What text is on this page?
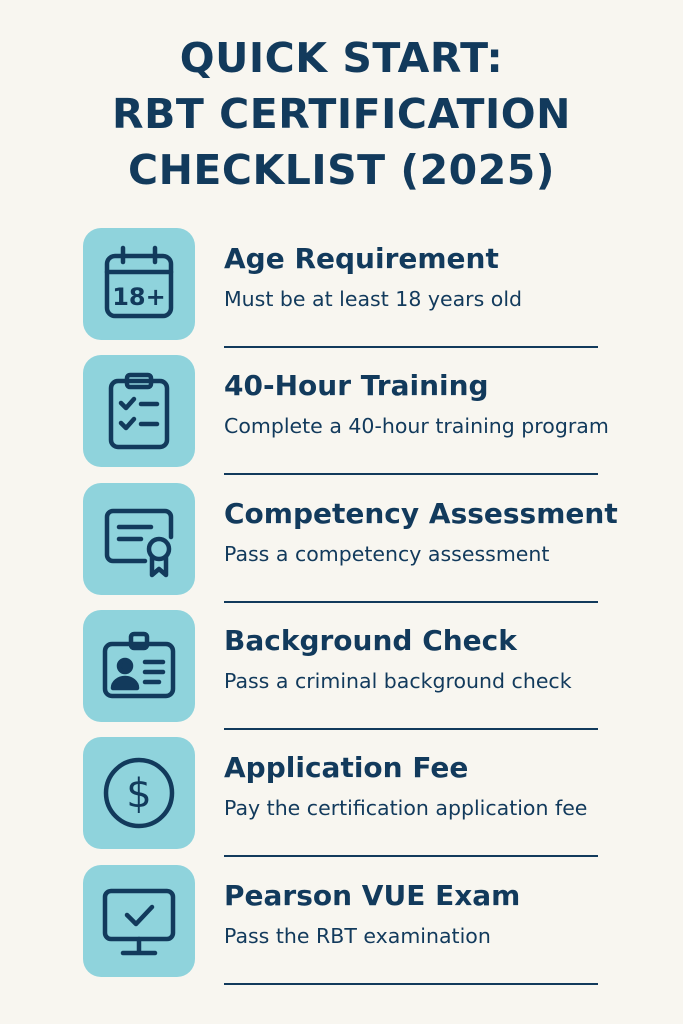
QUICK START:
RBT CERTIFICATION
CHECKLIST (2025)
18+
Age Requirement

Must be at least 18 years old

40-Hour Training

Complete a 40-hour training program

Competency Assessment

Pass a competency assessment

Background Check

Pass a criminal background check

$
Application Fee

Pay the certification application fee

Pearson VUE Exam

Pass the RBT examination
